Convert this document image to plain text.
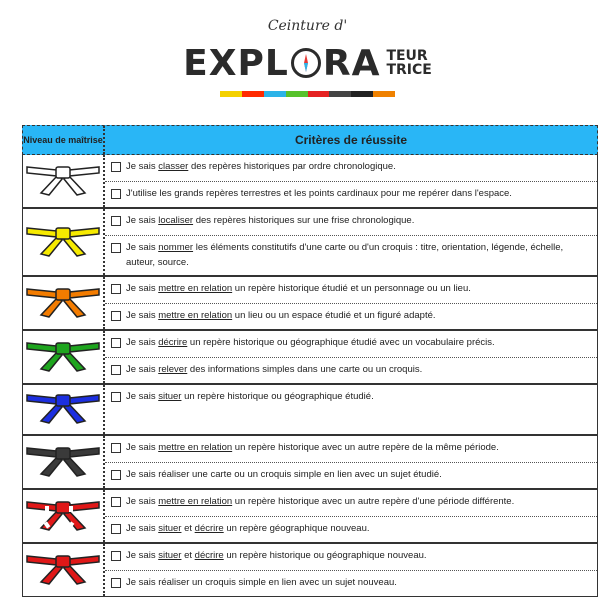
Ceinture d'
EXPL RA TEUR
TRICE
Niveau de maîtrise	Critères de réussite

Je sais classer des repères historiques par ordre chronologique.

J'utilise les grands repères terrestres et les points cardinaux pour me repérer dans l'espace.

Je sais localiser des repères historiques sur une frise chronologique.

Je sais nommer les éléments constitutifs d'une carte ou d'un croquis : titre, orientation, légende, échelle, auteur, source.

Je sais mettre en relation un repère historique étudié et un personnage ou un lieu.

Je sais mettre en relation un lieu ou un espace étudié et un figuré adapté.

Je sais décrire un repère historique ou géographique étudié avec un vocabulaire précis.

Je sais relever des informations simples dans une carte ou un croquis.

Je sais situer un repère historique ou géographique étudié.

Je sais mettre en relation un repère historique avec un autre repère de la même période.

Je sais réaliser une carte ou un croquis simple en lien avec un sujet étudié.

Je sais mettre en relation un repère historique avec un autre repère d'une période différente.

Je sais situer et décrire un repère géographique nouveau.

Je sais situer et décrire un repère historique ou géographique nouveau.

Je sais réaliser un croquis simple en lien avec un sujet nouveau.
